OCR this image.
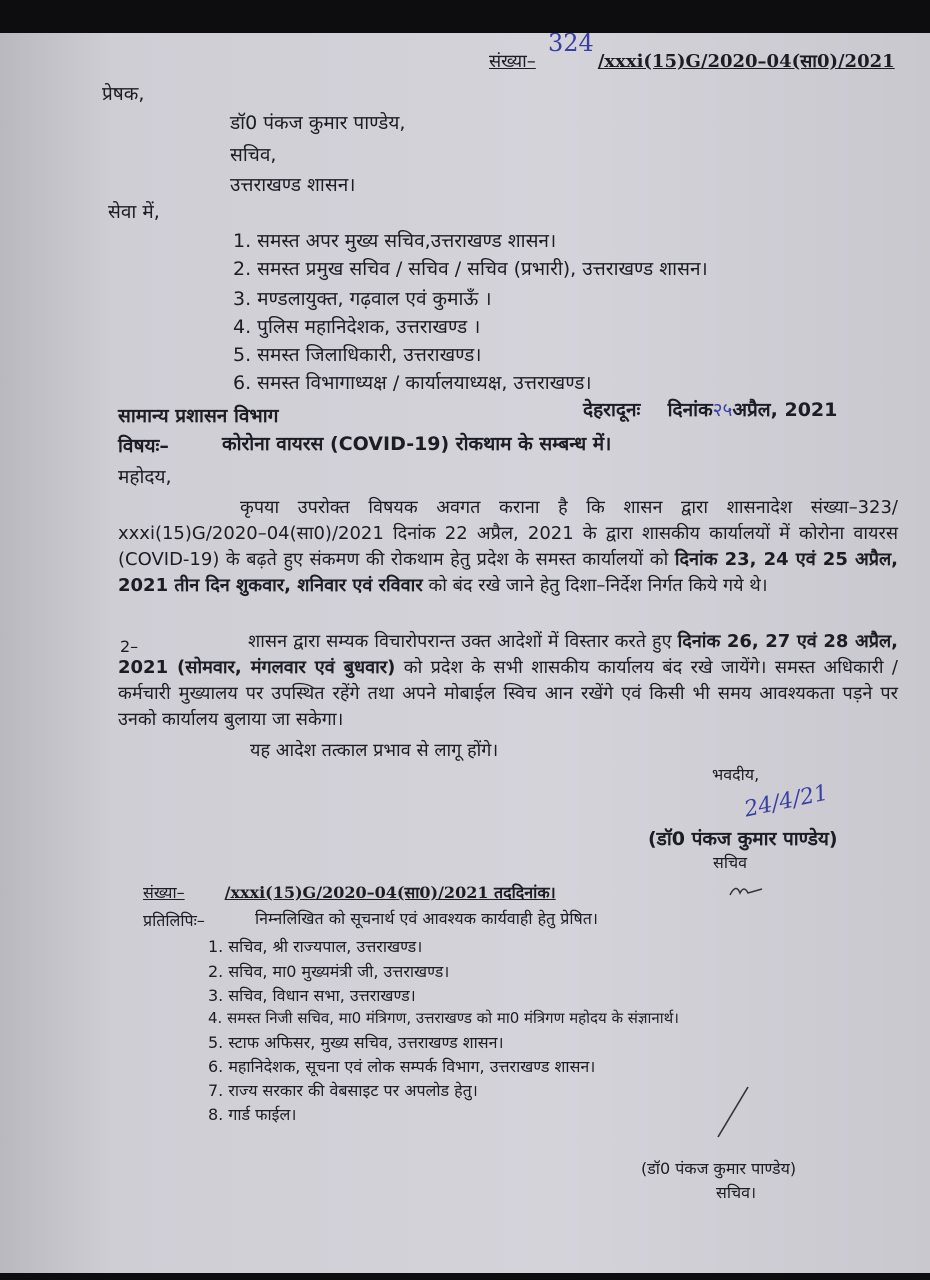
संख्या–	/xxxi(15)G/2020–04(सा0)/2021
324
प्रेषक,
डॉ0 पंकज कुमार पाण्डेय,
सचिव,
उत्तराखण्ड शासन।
सेवा में,
1. समस्त अपर मुख्य सचिव,उत्तराखण्ड शासन।
2. समस्त प्रमुख सचिव / सचिव / सचिव (प्रभारी), उत्तराखण्ड शासन।
3. मण्डलायुक्त, गढ़वाल एवं कुमाऊँ ।
4. पुलिस महानिदेशक, उत्तराखण्ड ।
5. समस्त जिलाधिकारी, उत्तराखण्ड।
6. समस्त विभागाध्यक्ष / कार्यालयाध्यक्ष, उत्तराखण्ड।
सामान्य प्रशासन विभाग	देहरादूनः दिनांक२५अप्रैल, 2021
विषयः–	कोरोना वायरस (COVID-19) रोकथाम के सम्बन्ध में।
महोदय,
कृपया उपरोक्त विषयक अवगत कराना है कि शासन द्वारा शासनादेश संख्या–323/ xxxi(15)G/2020–04(सा0)/2021 दिनांक 22 अप्रैल, 2021 के द्वारा शासकीय कार्यालयों में कोरोना वायरस (COVID-19) के बढ़ते हुए संकमण की रोकथाम हेतु प्रदेश के समस्त कार्यालयों को दिनांक 23, 24 एवं 25 अप्रैल, 2021 तीन दिन शुकवार, शनिवार एवं रविवार को बंद रखे जाने हेतु दिशा–निर्देश निर्गत किये गये थे।
2–	शासन द्वारा सम्यक विचारोपरान्त उक्त आदेशों में विस्तार करते हुए दिनांक 26, 27 एवं 28 अप्रैल, 2021 (सोमवार, मंगलवार एवं बुधवार) को प्रदेश के सभी शासकीय कार्यालय बंद रखे जायेंगे। समस्त अधिकारी / कर्मचारी मुख्यालय पर उपस्थित रहेंगे तथा अपने मोबाईल स्विच आन रखेंगे एवं किसी भी समय आवश्यकता पड़ने पर उनको कार्यालय बुलाया जा सकेगा।
यह आदेश तत्काल प्रभाव से लागू होंगे।
भवदीय,
24/4/21
(डॉ0 पंकज कुमार पाण्डेय)
सचिव
संख्या–	/xxxi(15)G/2020–04(सा0)/2021 तददिनांक।
प्रतिलिपिः–	निम्नलिखित को सूचनार्थ एवं आवश्यक कार्यवाही हेतु प्रेषित।
1. सचिव, श्री राज्यपाल, उत्तराखण्ड।
2. सचिव, मा0 मुख्यमंत्री जी, उत्तराखण्ड।
3. सचिव, विधान सभा, उत्तराखण्ड।
4. समस्त निजी सचिव, मा0 मंत्रिगण, उत्तराखण्ड को मा0 मंत्रिगण महोदय के संज्ञानार्थ।
5. स्टाफ अफिसर, मुख्य सचिव, उत्तराखण्ड शासन।
6. महानिदेशक, सूचना एवं लोक सम्पर्क विभाग, उत्तराखण्ड शासन।
7. राज्य सरकार की वेबसाइट पर अपलोड हेतु।
8. गार्ड फाईल।
(डॉ0 पंकज कुमार पाण्डेय)
सचिव।
